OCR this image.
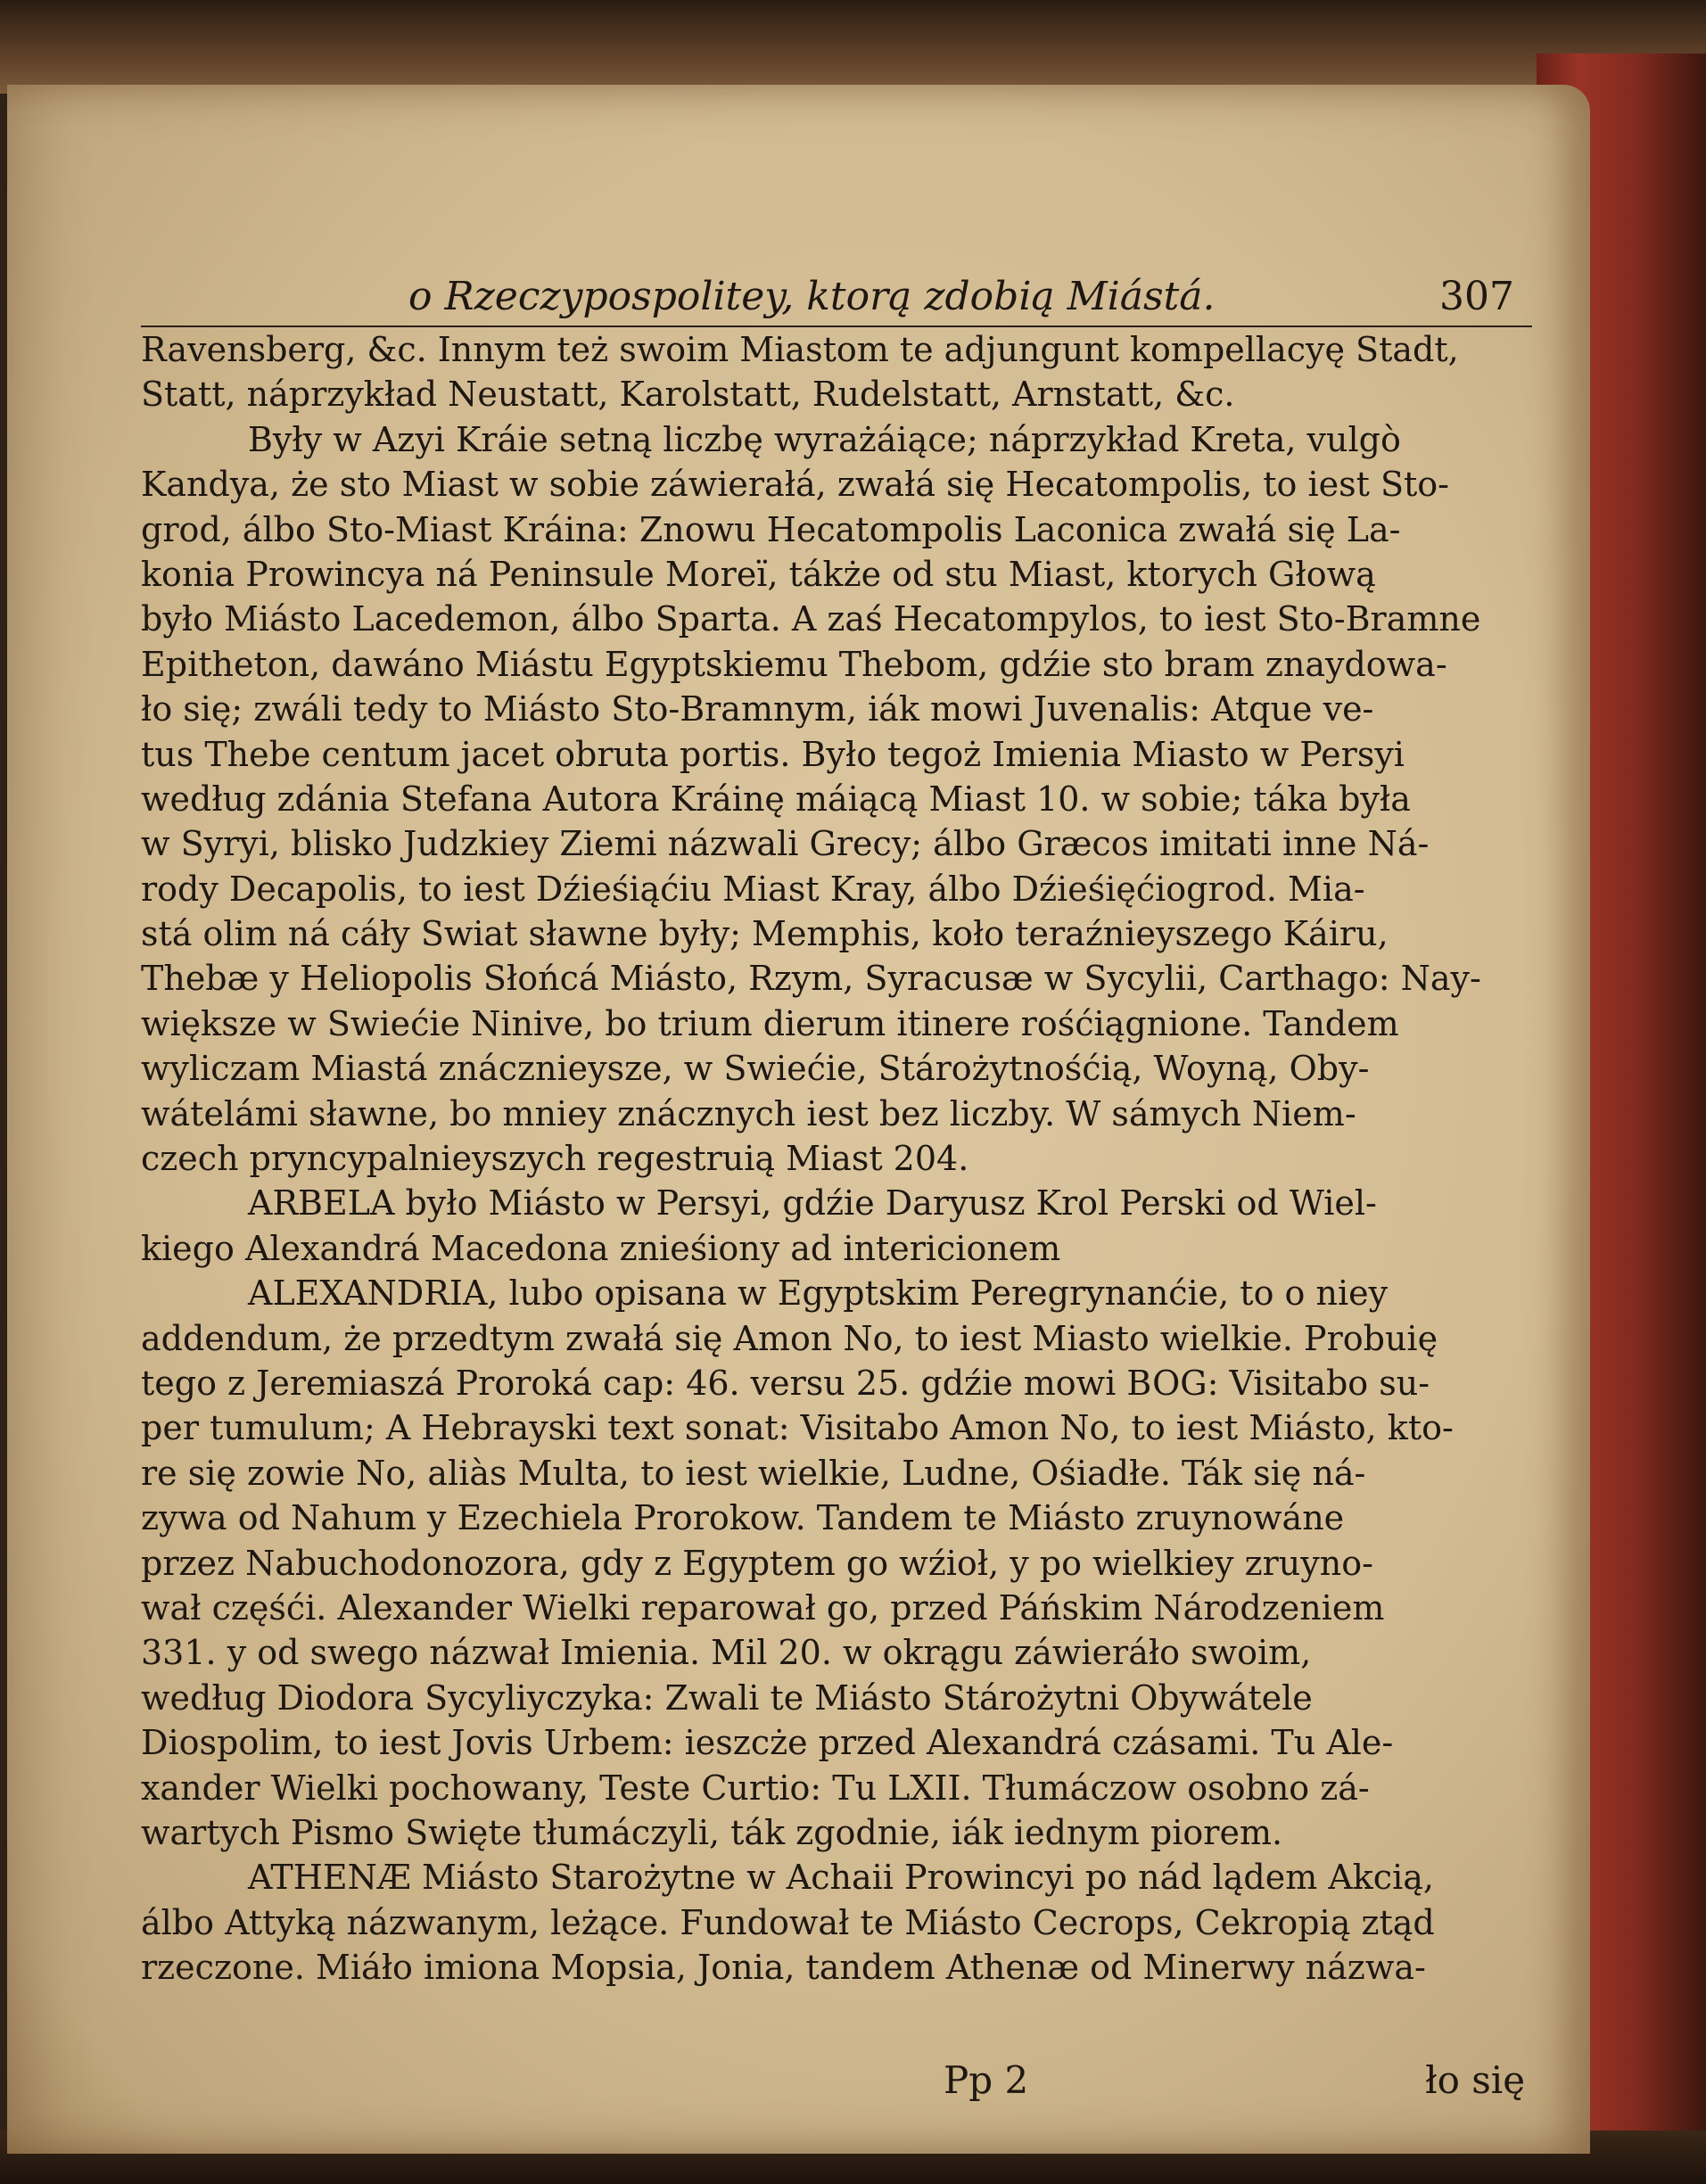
o Rzeczypospolitey, ktorą zdobią Miástá.	307
Ravensberg, &c. Innym też swoim Miastom te adjungunt kompellacyę Stadt,
Statt, náprzykład Neustatt, Karolstatt, Rudelstatt, Arnstatt, &c.
Były w Azyi Kráie setną liczbę wyrażáiące; náprzykład Kreta, vulgò
Kandya, że sto Miast w sobie záwierałá, zwałá się Hecatompolis, to iest Sto-
grod, álbo Sto-Miast Kráina: Znowu Hecatompolis Laconica zwałá się La-
konia Prowincya ná Peninsule Moreï, tákże od stu Miast, ktorych Głową
było Miásto Lacedemon, álbo Sparta. A zaś Hecatompylos, to iest Sto-Bramne
Epitheton, dawáno Miástu Egyptskiemu Thebom, gdźie sto bram znaydowa-
ło się; zwáli tedy to Miásto Sto-Bramnym, iák mowi Juvenalis: Atque ve-
tus Thebe centum jacet obruta portis. Było tegoż Imienia Miasto w Persyi
według zdánia Stefana Autora Kráinę máiącą Miast 10. w sobie; táka była
w Syryi, blisko Judzkiey Ziemi názwali Grecy; álbo Græcos imitati inne Ná-
rody Decapolis, to iest Dźieśiąćiu Miast Kray, álbo Dźieśięćiogrod. Mia-
stá olim ná cáły Swiat sławne były; Memphis, koło teraźnieyszego Káiru,
Thebæ y Heliopolis Słońcá Miásto, Rzym, Syracusæ w Sycylii, Carthago: Nay-
większe w Swiećie Ninive, bo trium dierum itinere rośćiągnione. Tandem
wyliczam Miastá znácznieysze, w Swiećie, Stárożytnośćią, Woyną, Oby-
wátelámi sławne, bo mniey znácznych iest bez liczby. W sámych Niem-
czech pryncypalnieyszych regestruią Miast 204.
ARBELA było Miásto w Persyi, gdźie Daryusz Krol Perski od Wiel-
kiego Alexandrá Macedona znieśiony ad intericionem
ALEXANDRIA, lubo opisana w Egyptskim Peregrynanćie, to o niey
addendum, że przedtym zwałá się Amon No, to iest Miasto wielkie. Probuię
tego z Jeremiaszá Proroká cap: 46. versu 25. gdźie mowi BOG: Visitabo su-
per tumulum; A Hebrayski text sonat: Visitabo Amon No, to iest Miásto, kto-
re się zowie No, aliàs Multa, to iest wielkie, Ludne, Ośiadłe. Ták się ná-
zywa od Nahum y Ezechiela Prorokow. Tandem te Miásto zruynowáne
przez Nabuchodonozora, gdy z Egyptem go wźioł, y po wielkiey zruyno-
wał częśći. Alexander Wielki reparował go, przed Páńskim Národzeniem
331. y od swego názwał Imienia. Mil 20. w okrągu záwieráło swoim,
według Diodora Sycyliyczyka: Zwali te Miásto Stárożytni Obywátele
Diospolim, to iest Jovis Urbem: ieszcże przed Alexandrá czásami. Tu Ale-
xander Wielki pochowany, Teste Curtio: Tu LXII. Tłumáczow osobno zá-
wartych Pismo Swięte tłumáczyli, ták zgodnie, iák iednym piorem.
ATHENÆ Miásto Starożytne w Achaii Prowincyi po nád lądem Akcią,
álbo Attyką názwanym, leżące. Fundował te Miásto Cecrops, Cekropią ztąd
rzeczone. Miáło imiona Mopsia, Jonia, tandem Athenæ od Minerwy názwa-
Pp 2	ło się
